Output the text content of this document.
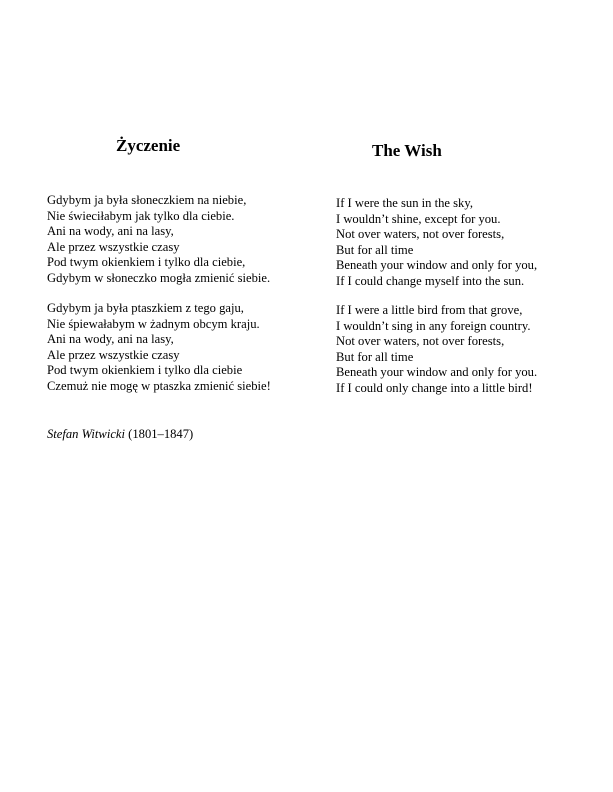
Życzenie	The Wish
Gdybym ja była słoneczkiem na niebie,
Nie świeciłabym jak tylko dla ciebie.
Ani na wody, ani na lasy,
Ale przez wszystkie czasy
Pod twym okienkiem i tylko dla ciebie,
Gdybym w słoneczko mogła zmienić siebie.
Gdybym ja była ptaszkiem z tego gaju,
Nie śpiewałabym w żadnym obcym kraju.
Ani na wody, ani na lasy,
Ale przez wszystkie czasy
Pod twym okienkiem i tylko dla ciebie
Czemuż nie mogę w ptaszka zmienić siebie!
If I were the sun in the sky,
I wouldn’t shine, except for you.
Not over waters, not over forests,
But for all time
Beneath your window and only for you,
If I could change myself into the sun.
If I were a little bird from that grove,
I wouldn’t sing in any foreign country.
Not over waters, not over forests,
But for all time
Beneath your window and only for you.
If I could only change into a little bird!
Stefan Witwicki (1801–1847)
